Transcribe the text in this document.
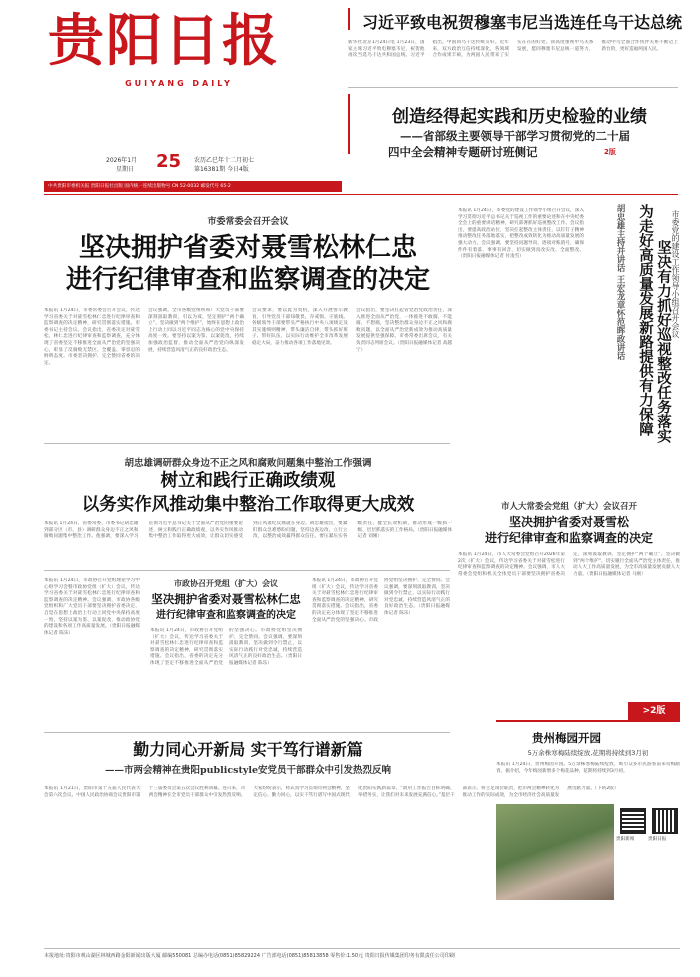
贵阳日报
GUIYANG DAILY
2026年1月
星期日 25 农历乙巳年十二月初七
第16381期 今日4版
中共贵阳市委机关报 贵阳日报社出版 国内统一连续出版物号 CN 52-0032 邮发代号 65-2
习近平致电祝贺穆塞韦尼当选连任乌干达总统
新华社北京1月24日电 1月23日，国家主席习近平致电穆塞韦尼，祝贺他再次当选乌干达共和国总统。习近平指出，中国同乌干达传统友好。近年来，双方政治互信持续深化，各领域合作成果丰硕，为两国人民带来了实实在在的好处。我高度重视中乌关系发展，愿同穆塞韦尼总统一道努力，推动中乌全面合作伙伴关系不断迈上新台阶，更好造福两国人民。
创造经得起实践和历史检验的业绩
——省部级主要领导干部学习贯彻党的二十届
四中全会精神专题研讨班侧记	2版
市委常委会召开会议
坚决拥护省委对聂雪松林仁忠
进行纪律审查和监察调查的决定
本报讯 1月24日，市委常委会召开会议，传达学习省委关于对聂雪松林仁忠进行纪律审查和监察调查的决定精神，研究贯彻落实措施。市委书记主持会议。会议指出，省委决定对聂雪松、林仁忠进行纪律审查和监察调查，充分体现了省委坚定不移推进全面从严治党的坚强决心，彰显了反腐败无禁区、全覆盖、零容忍的鲜明态度。市委坚决拥护、完全赞同省委的决定。
会议强调，全市各级党组织和广大党员干部要深刻汲取教训，引以为戒，坚定拥护“两个确立”、坚决做到“两个维护”，始终在思想上政治上行动上同以习近平同志为核心的党中央保持高度一致。要坚持以案为鉴、以案促改，持续加强政治监督，推动全面从严治党向纵深发展，持续营造风清气正的良好政治生态。
会议要求，要以此为契机，深入开展警示教育，引导党员干部知敬畏、存戒惧、守底线。各级领导干部要带头严格执行中央八项规定及其实施细则精神，带头廉洁自律，带头抓好班子、带好队伍，以实际行动维护全市改革发展稳定大局，奋力推动各项工作落地见效。
会议指出，要坚决扛起管党治党政治责任，深入推进全面从严治党，一体推进不敢腐、不能腐、不想腐，坚决整治群众身边不正之风和腐败问题，以全面从严治党新成效为推动高质量发展提供坚强保障。市委常委出席会议，有关负责同志列席会议。（贵阳日报融媒体记者 高越宁）
本报讯 1月24日，市委党的建设工作领导小组召开会议，深入学习贯彻习近平总书记关于巡视工作的重要论述和在中央纪委全会上的重要讲话精神，研究部署抓好巡视整改工作。会议指出，要提高政治站位，坚决扛起整改主体责任，以钉钉子精神推动整改任务落地落实，把整改成效转化为推动高质量发展的强大动力。会议强调，要坚持问题导向，逐项对账销号，确保件件有着落、事事有回音，切实做到真改实改、全面整改。（贵阳日报融媒体记者 付凌雪）	坚决有力抓好巡视整改任务落实
为走好高质量发展新路提供有力保障 市委党的建设工作领导小组召开会议
胡忠雄主持并讲话 王宏龙章怀范晖政讲话
胡忠雄调研群众身边不正之风和腐败问题集中整治工作强调
树立和践行正确政绩观
以务实作风推动集中整治工作取得更大成效
本报讯 1月24日，省委常委、市委书记胡忠雄到部分区（市、县）调研群众身边不正之风和腐败问题集中整治工作。他强调，要深入学习贯彻习近平总书记关于全面从严治党的重要论述，树立和践行正确政绩观，以务实作风推动集中整治工作取得更大成效，让群众切实感受到正风肃纪反腐就在身边。胡忠雄指出，要紧盯群众急难愁盼问题，坚持边查边改、立行立改，以整治成效赢得群众信任。要压紧压实各级责任，健全长效机制，推动形成一级抓一级、层层抓落实的工作格局。（贵阳日报融媒体记者 刘刚）
市人大常委会党组（扩大）会议召开
坚决拥护省委对聂雪松
进行纪律审查和监察调查的决定
本报讯 1月24日，市人大常委会党组召开2026年第2次（扩大）会议，传达学习省委关于对聂雪松进行纪律审查和监察调查的决定精神。会议强调，市人大常委会党组和机关全体党员干部要坚决拥护省委决定，深刻汲取教训，坚定拥护“两个确立”、坚决做到“两个维护”，切实履行全面从严治党主体责任，推动人大工作高质量发展，为全市高质量发展贡献人大力量。（贵阳日报融媒体记者 马刚）
本报讯 1月24日，市政协召开党组理论学习中心组学习会暨市政协党组（扩大）会议，传达学习省委关于对聂雪松林仁忠进行纪律审查和监察调查的决定精神。会议强调，市政协各级党组织和广大党员干部要坚决拥护省委决定，自觉在思想上政治上行动上同党中央保持高度一致，坚持以案为鉴、以案促改，推动政协党的建设和各项工作高质量发展。（贵阳日报融媒体记者 陈乐）
市政协召开党组（扩大）会议
坚决拥护省委对聂雪松林仁忠
进行纪律审查和监察调查的决定
本报讯 1月24日，市政协召开党组（扩大）会议，传达学习省委关于对聂雪松林仁忠进行纪律审查和监察调查的决定精神，研究贯彻落实措施。会议指出，省委的决定充分体现了坚定不移推进全面从严治党的坚强决心。市政协党组坚决拥护、完全赞同。会议强调，要深刻汲取教训，坚决做到令行禁止，以实际行动践行对党忠诚，持续营造风清气正的良好政治生态。（贵阳日报融媒体记者 陈乐）
本报讯 1月24日，市政协召开党组（扩大）会议，传达学习省委关于对聂雪松林仁忠进行纪律审查和监察调查的决定精神，研究贯彻落实措施。会议指出，省委的决定充分体现了坚定不移推进全面从严治党的坚强决心。市政协党组坚决拥护、完全赞同。会议强调，要深刻汲取教训，坚决做到令行禁止，以实际行动践行对党忠诚，持续营造风清气正的良好政治生态。（贵阳日报融媒体记者 陈乐）
勤力同心开新局 实干笃行谱新篇
——市两会精神在贵阳publicstyle安党员干部群众中引发热烈反响
本报讯 1月21日，贵阳市第十五届人民代表大会第六次会议、中国人民政治协商会议贵阳市第十三届委员会第五次会议胜利闭幕。连日来，市两会精神在全市党员干部群众中引发热烈反响。大家纷纷表示，将认真学习贯彻市两会精神，坚定信心、勤力同心，以实干笃行谱写中国式现代化贵阳实践新篇章。“政府工作报告目标明确、举措务实，让我们对未来发展充满信心。”基层干部表示，将立足岗位职责，把市两会精神转化为推动工作的实际成效，为全市经济社会高质量发展贡献力量。（下转2版）
>2版
贵州梅园开园
5万余株寒梅陆续绽放,花期将持续到3月初
本报讯 1月24日，贵州梅园开园。5万余株寒梅陆续绽放，吸引众多市民游客前来赏梅踏青。据介绍，今年梅园新增多个梅花品种，花期将持续到3月初。
贵阳新闻	贵阳日报
本报地址:贵阳市观山湖区林城西路金阳新闻出版大厦 邮编550081 总编办电话(0851)85829224 广告部电话(0851)85813858 零售价:1.50元 贵阳日报传媒集团印务有限责任公司印刷
